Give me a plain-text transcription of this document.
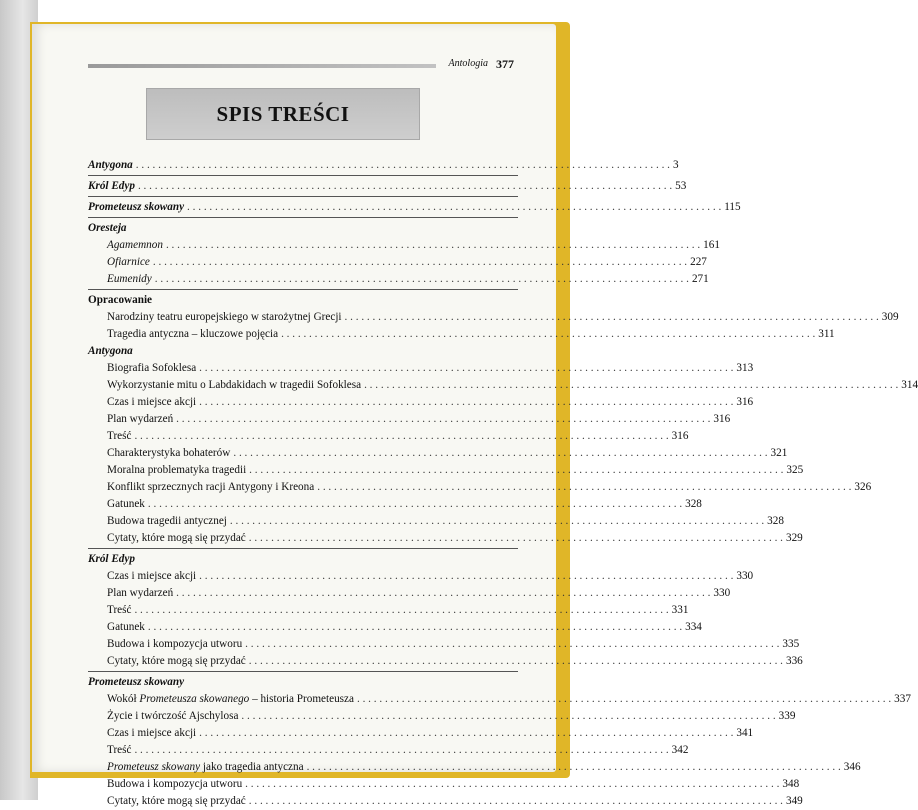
Antologia 377
SPIS TREŚCI
Antygona . . .	3
Król Edyp . . .	53
Prometeusz skowany . . .	115
Oresteja
Agamemnon . . .	161
Ofiarnice . . .	227
Eumenidy . . .	271
Opracowanie
Narodziny teatru europejskiego w starożytnej Grecji . . .	309
Tragedia antyczna – kluczowe pojęcia . . .	311
Antygona
Biografia Sofoklesa . . .	313
Wykorzystanie mitu o Labdakidach w tragedii Sofoklesa . . .	314
Czas i miejsce akcji . . .	316
Plan wydarzeń . . .	316
Treść . . .	316
Charakterystyka bohaterów . . .	321
Moralna problematyka tragedii . . .	325
Konflikt sprzecznych racji Antygony i Kreona . . .	326
Gatunek . . .	328
Budowa tragedii antycznej . . .	328
Cytaty, które mogą się przydać . . .	329
Król Edyp
Czas i miejsce akcji . . .	330
Plan wydarzeń . . .	330
Treść . . .	331
Gatunek . . .	334
Budowa i kompozycja utworu . . .	335
Cytaty, które mogą się przydać . . .	336
Prometeusz skowany
Wokół Prometeusza skowanego – historia Prometeusza . . .	337
Życie i twórczość Ajschylosa . . .	339
Czas i miejsce akcji . . .	341
Treść . . .	342
Prometeusz skowany jako tragedia antyczna . . .	346
Budowa i kompozycja utworu . . .	348
Cytaty, które mogą się przydać . . .	349
